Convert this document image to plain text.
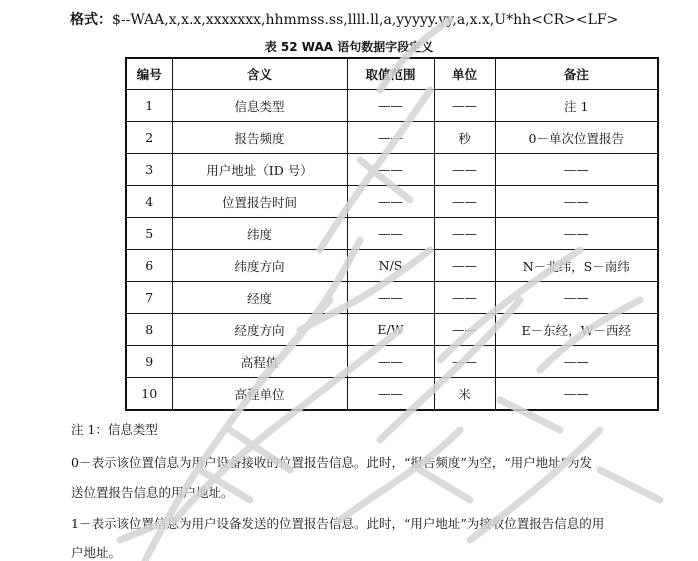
格式：$--WAA,x,x.x,xxxxxxx,hhmmss.ss,llll.ll,a,yyyyy.yy,a,x.x,U*hh<CR><LF>
表 52 WAA 语句数据字段定义
编号	含义	取值范围	单位	备注
1	信息类型	——	——	注 1
2	报告频度	——	秒	0－单次位置报告
3	用户地址（ID 号）	——	——	——
4	位置报告时间	——	——	——
5	纬度	——	——	——
6	纬度方向	N/S	——	N－北纬，S－南纬
7	经度	——	——	——
8	经度方向	E/W	——	E－东经，W－西经
9	高程值	——	——	——
10	高程单位	——	米	——
注 1：信息类型
0－表示该位置信息为用户设备接收的位置报告信息。此时，“报告频度”为空，“用户地址”为发
送位置报告信息的用户地址。
1－表示该位置信息为用户设备发送的位置报告信息。此时，“用户地址”为接收位置报告信息的用
户地址。
